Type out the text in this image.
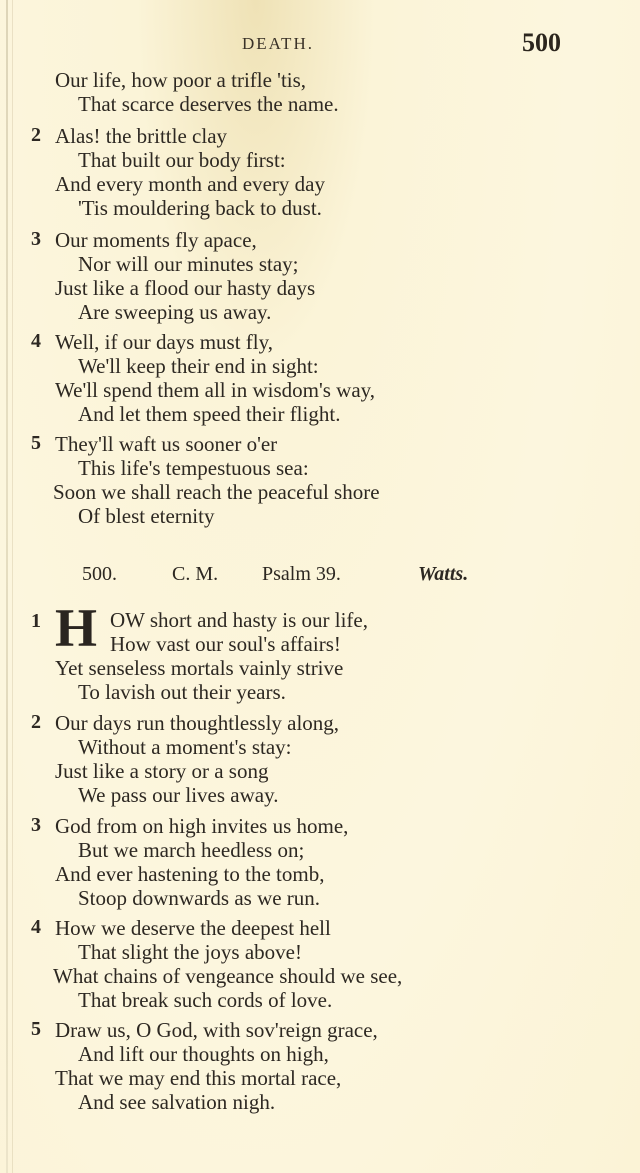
DEATH.	500
Our life, how poor a trifle 'tis,
That scarce deserves the name.
2 Alas! the brittle clay
That built our body first:
And every month and every day
'Tis mouldering back to dust.
3 Our moments fly apace,
Nor will our minutes stay;
Just like a flood our hasty days
Are sweeping us away.
4 Well, if our days must fly,
We'll keep their end in sight:
We'll spend them all in wisdom's way,
And let them speed their flight.
5 They'll waft us sooner o'er
This life's tempestuous sea:
Soon we shall reach the peaceful shore
Of blest eternity
500.	C. M. Psalm 39.	Watts.
1 H OW short and hasty is our life,
How vast our soul's affairs!
Yet senseless mortals vainly strive
To lavish out their years.
2 Our days run thoughtlessly along,
Without a moment's stay:
Just like a story or a song
We pass our lives away.
3 God from on high invites us home,
But we march heedless on;
And ever hastening to the tomb,
Stoop downwards as we run.
4 How we deserve the deepest hell
That slight the joys above!
What chains of vengeance should we see,
That break such cords of love.
5 Draw us, O God, with sov'reign grace,
And lift our thoughts on high,
That we may end this mortal race,
And see salvation nigh.
